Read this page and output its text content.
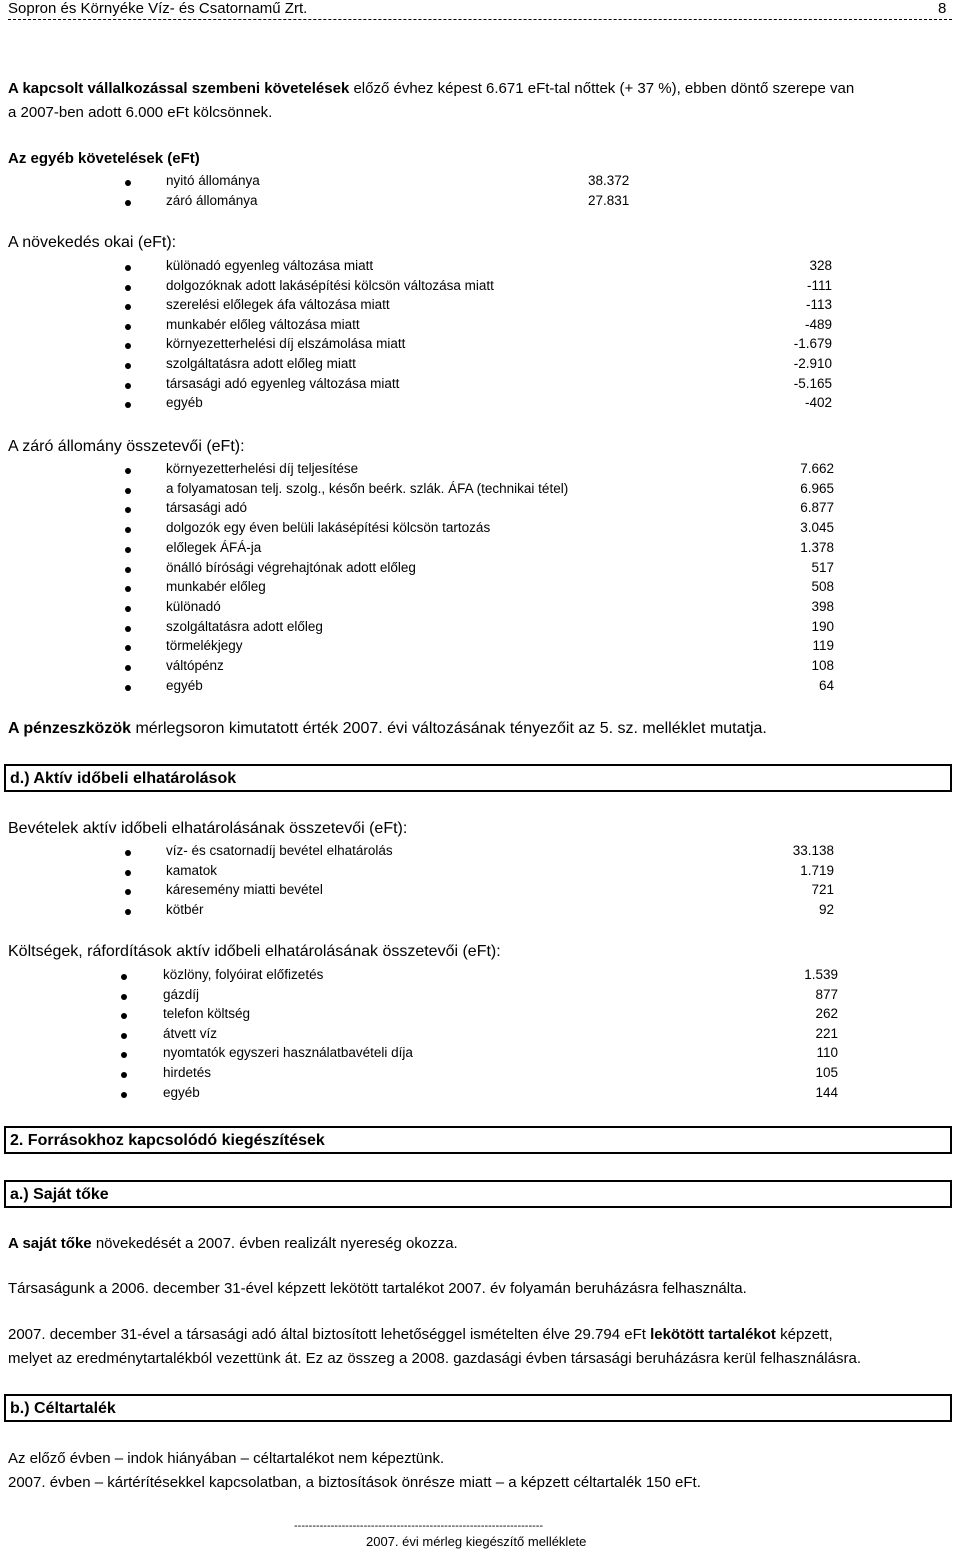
Sopron és Környéke Víz- és Csatornamű Zrt.	8
A kapcsolt vállalkozással szembeni követelések előző évhez képest 6.671 eFt-tal nőttek (+ 37 %), ebben döntő szerepe van
a 2007-ben adott 6.000 eFt kölcsönnek.
Az egyéb követelések (eFt)
nyitó állománya	38.372
záró állománya	27.831
A növekedés okai (eFt):
különadó egyenleg változása miatt	328
dolgozóknak adott lakásépítési kölcsön változása miatt	-111
szerelési előlegek áfa változása miatt	-113
munkabér előleg változása miatt	-489
környezetterhelési díj elszámolása miatt	-1.679
szolgáltatásra adott előleg miatt	-2.910
társasági adó egyenleg változása miatt	-5.165
egyéb	-402
A záró állomány összetevői (eFt):
környezetterhelési díj teljesítése	7.662
a folyamatosan telj. szolg., későn beérk. szlák. ÁFA (technikai tétel)	6.965
társasági adó	6.877
dolgozók egy éven belüli lakásépítési kölcsön tartozás	3.045
előlegek ÁFÁ-ja	1.378
önálló bírósági végrehajtónak adott előleg	517
munkabér előleg	508
különadó	398
szolgáltatásra adott előleg	190
törmelékjegy	119
váltópénz	108
egyéb	64
A pénzeszközök mérlegsoron kimutatott érték 2007. évi változásának tényezőit az 5. sz. melléklet mutatja.
d.) Aktív időbeli elhatárolások
Bevételek aktív időbeli elhatárolásának összetevői (eFt):
víz- és csatornadíj bevétel elhatárolás	33.138
kamatok	1.719
káresemény miatti bevétel	721
kötbér	92
Költségek, ráfordítások aktív időbeli elhatárolásának összetevői (eFt):
közlöny, folyóirat előfizetés	1.539
gázdíj	877
telefon költség	262
átvett víz	221
nyomtatók egyszeri használatbavételi díja	110
hirdetés	105
egyéb	144
2. Forrásokhoz kapcsolódó kiegészítések
a.) Saját tőke
A saját tőke növekedését a 2007. évben realizált nyereség okozza.
Társaságunk a 2006. december 31-ével képzett lekötött tartalékot 2007. év folyamán beruházásra felhasználta.
2007. december 31-ével a társasági adó által biztosított lehetőséggel ismételten élve 29.794 eFt lekötött tartalékot képzett,
melyet az eredménytartalékból vezettünk át. Ez az összeg a 2008. gazdasági évben társasági beruházásra kerül felhasználásra.
b.) Céltartalék
Az előző évben – indok hiányában – céltartalékot nem képeztünk.
2007. évben – kártérítésekkel kapcsolatban, a biztosítások önrésze miatt – a képzett céltartalék 150 eFt.
--------------------------------------------------------------------
2007. évi mérleg kiegészítő melléklete
